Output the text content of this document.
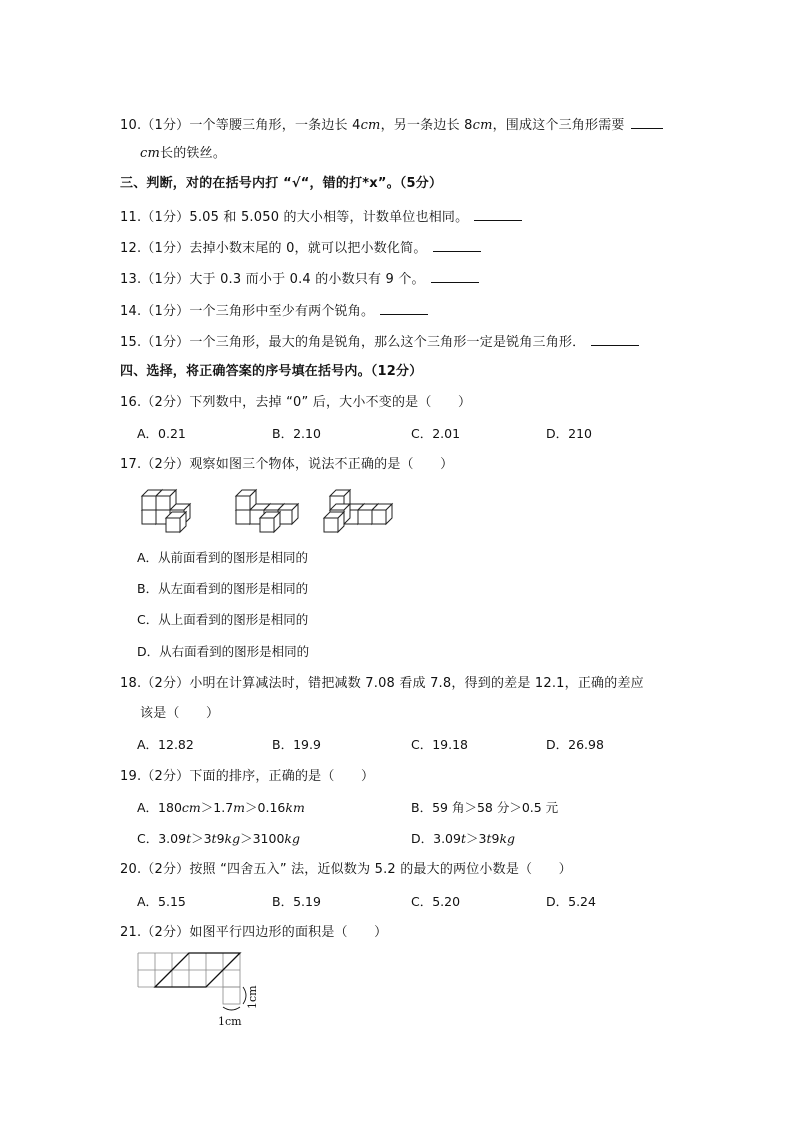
10.（1分）一个等腰三角形，一条边长 4cm，另一条边长 8cm，围成这个三角形需要
cm长的铁丝。
三、判断，对的在括号内打 “√“，错的打*x”。（5分）
11.（1分）5.05 和 5.050 的大小相等，计数单位也相同。
12.（1分）去掉小数末尾的 0，就可以把小数化简。
13.（1分）大于 0.3 而小于 0.4 的小数只有 9 个。
14.（1分）一个三角形中至少有两个锐角。
15.（1分）一个三角形，最大的角是锐角，那么这个三角形一定是锐角三角形．
四、选择，将正确答案的序号填在括号内。（12分）
16.（2分）下列数中，去掉 “0” 后，大小不变的是（　　）
A．0.21	B．2.10	C．2.01	D．210
17.（2分）观察如图三个物体，说法不正确的是（　　）
A．从前面看到的图形是相同的
B．从左面看到的图形是相同的
C．从上面看到的图形是相同的
D．从右面看到的图形是相同的
18.（2分）小明在计算减法时，错把减数 7.08 看成 7.8，得到的差是 12.1，正确的差应
该是（　　）
A．12.82	B．19.9	C．19.18	D．26.98
19.（2分）下面的排序，正确的是（　　）
A．180cm＞1.7m＞0.16km	B．59 角＞58 分＞0.5 元
C．3.09t＞3t9kg＞3100kg	D．3.09t＞3t9kg
20.（2分）按照 “四舍五入” 法，近似数为 5.2 的最大的两位小数是（　　）
A．5.15	B．5.19	C．5.20	D．5.24
21.（2分）如图平行四边形的面积是（　　）
1cm
1cm
